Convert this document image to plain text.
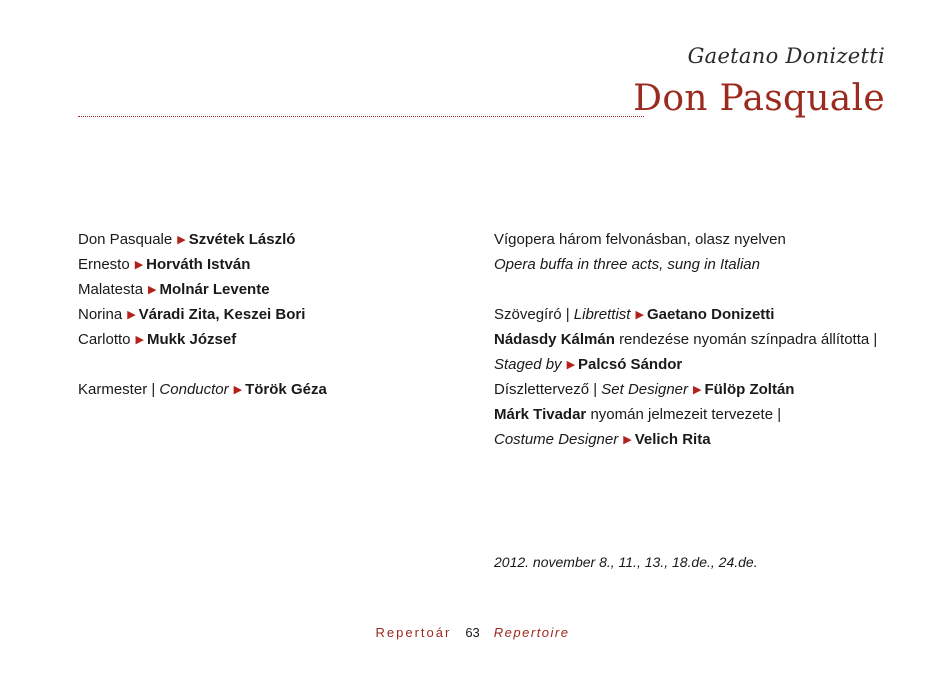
Gaetano Donizetti
Don Pasquale
Don Pasquale ▶ Szvétek László
Ernesto ▶ Horváth István
Malatesta ▶ Molnár Levente
Norina ▶ Váradi Zita, Keszei Bori
Carlotto ▶ Mukk József
Karmester | Conductor ▶ Török Géza
Vígopera három felvonásban, olasz nyelven
Opera buffa in three acts, sung in Italian
Szövegíró | Librettist ▶ Gaetano Donizetti
Nádasdy Kálmán rendezése nyomán színpadra állította |
Staged by ▶ Palcsó Sándor
Díszlettervező | Set Designer ▶ Fülöp Zoltán
Márk Tivadar nyomán jelmezeit tervezete |
Costume Designer ▶ Velich Rita
2012. november 8., 11., 13., 18.de., 24.de.
Repertoár 63 Repertoire
